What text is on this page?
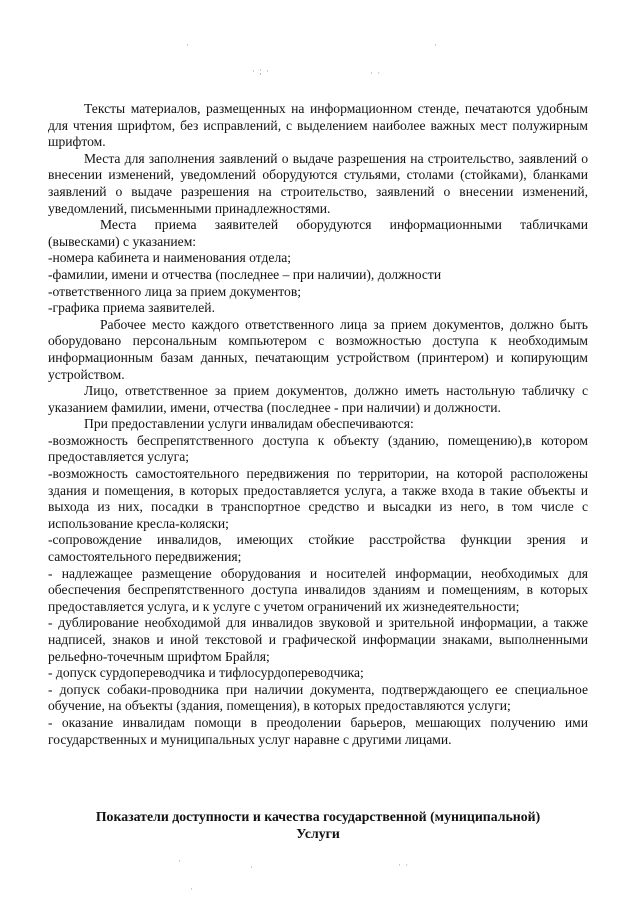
·
· ; ·	· ·
·

Тексты материалов, размещенных на информационном стенде, печатаются удобным для чтения шрифтом, без исправлений, с выделением наиболее важных мест полужирным шрифтом.

Места для заполнения заявлений о выдаче разрешения на строительство, заявлений о внесении изменений, уведомлений оборудуются стульями, столами (стойками), бланками заявлений о выдаче разрешения на строительство, заявлений о внесении изменений, уведомлений, письменными принадлежностями.

Места приема заявителей оборудуются информационными табличками (вывесками) с указанием:

-номера кабинета и наименования отдела;

-фамилии, имени и отчества (последнее – при наличии), должности

-ответственного лица за прием документов;

-графика приема заявителей.

Рабочее место каждого ответственного лица за прием документов, должно быть оборудовано персональным компьютером с возможностью доступа к необходимым информационным базам данных, печатающим устройством (принтером) и копирующим устройством.

Лицо, ответственное за прием документов, должно иметь настольную табличку с указанием фамилии, имени, отчества (последнее - при наличии) и должности.

При предоставлении услуги инвалидам обеспечиваются:

-возможность беспрепятственного доступа к объекту (зданию, помещению),в котором предоставляется услуга;

-возможность самостоятельного передвижения по территории, на которой расположены здания и помещения, в которых предоставляется услуга, а также входа в такие объекты и выхода из них, посадки в транспортное средство и высадки из него, в том числе с использование кресла-коляски;

-сопровождение инвалидов, имеющих стойкие расстройства функции зрения и самостоятельного передвижения;

- надлежащее размещение оборудования и носителей информации, необходимых для обеспечения беспрепятственного доступа инвалидов зданиям и помещениям, в которых предоставляется услуга, и к услуге с учетом ограничений их жизнедеятельности;

- дублирование необходимой для инвалидов звуковой и зрительной информации, а также надписей, знаков и иной текстовой и графической информации знаками, выполненными рельефно-точечным шрифтом Брайля;

- допуск сурдопереводчика и тифлосурдопереводчика;

- допуск собаки-проводника при наличии документа, подтверждающего ее специальное обучение, на объекты (здания, помещения), в которых предоставляются услуги;

- оказание инвалидам помощи в преодолении барьеров, мешающих получению ими государственных и муниципальных услуг наравне с другими лицами.

Показатели доступности и качества государственной (муниципальной)
Услуги
·
·	· ·
·
